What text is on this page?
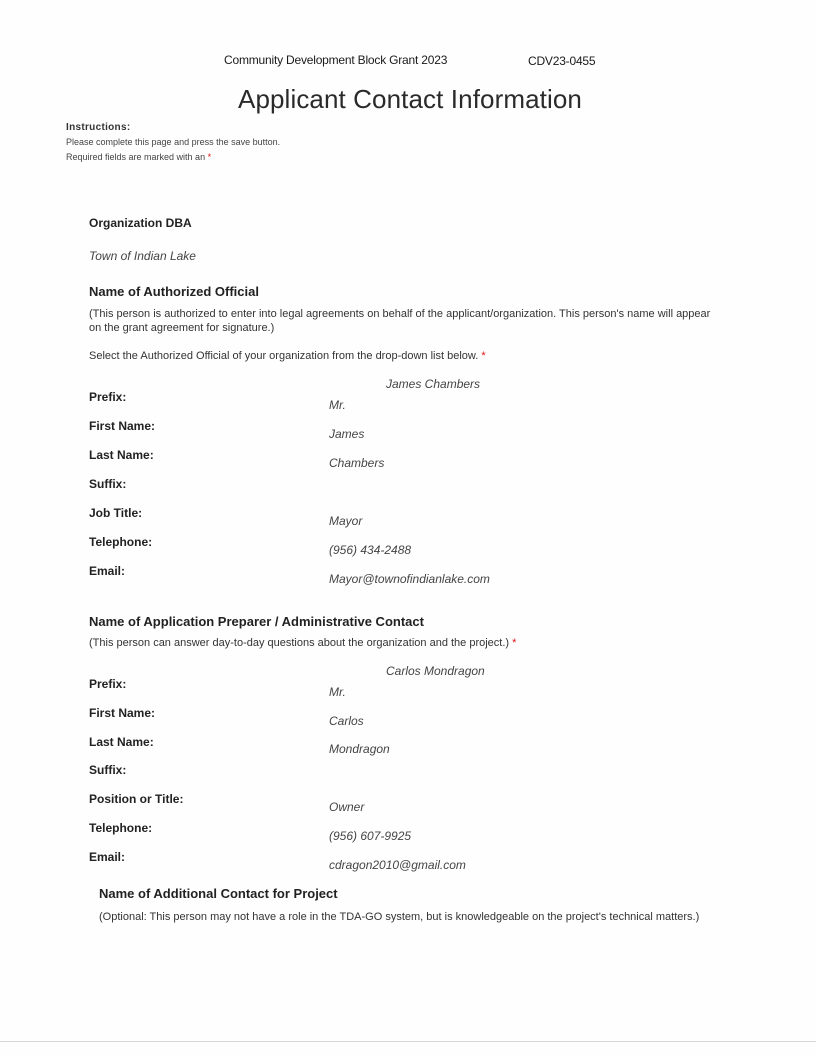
Community Development Block Grant 2023	CDV23-0455
Applicant Contact Information
Instructions:
Please complete this page and press the save button.
Required fields are marked with an *
Organization DBA
Town of Indian Lake
Name of Authorized Official
(This person is authorized to enter into legal agreements on behalf of the applicant/organization. This person's name will appear on the grant agreement for signature.)
Select the Authorized Official of your organization from the drop-down list below. *
James Chambers
Prefix:
Mr.
First Name:
James
Last Name:
Chambers
Suffix:
Job Title:
Mayor
Telephone:
(956) 434-2488
Email:
Mayor@townofindianlake.com
Name of Application Preparer / Administrative Contact
(This person can answer day-to-day questions about the organization and the project.) *
Carlos Mondragon
Prefix:
Mr.
First Name:
Carlos
Last Name:	Mondragon
Suffix:
Position or Title:
Owner
Telephone:
(956) 607-9925
Email:
cdragon2010@gmail.com
Name of Additional Contact for Project
(Optional: This person may not have a role in the TDA-GO system, but is knowledgeable on the project's technical matters.)
